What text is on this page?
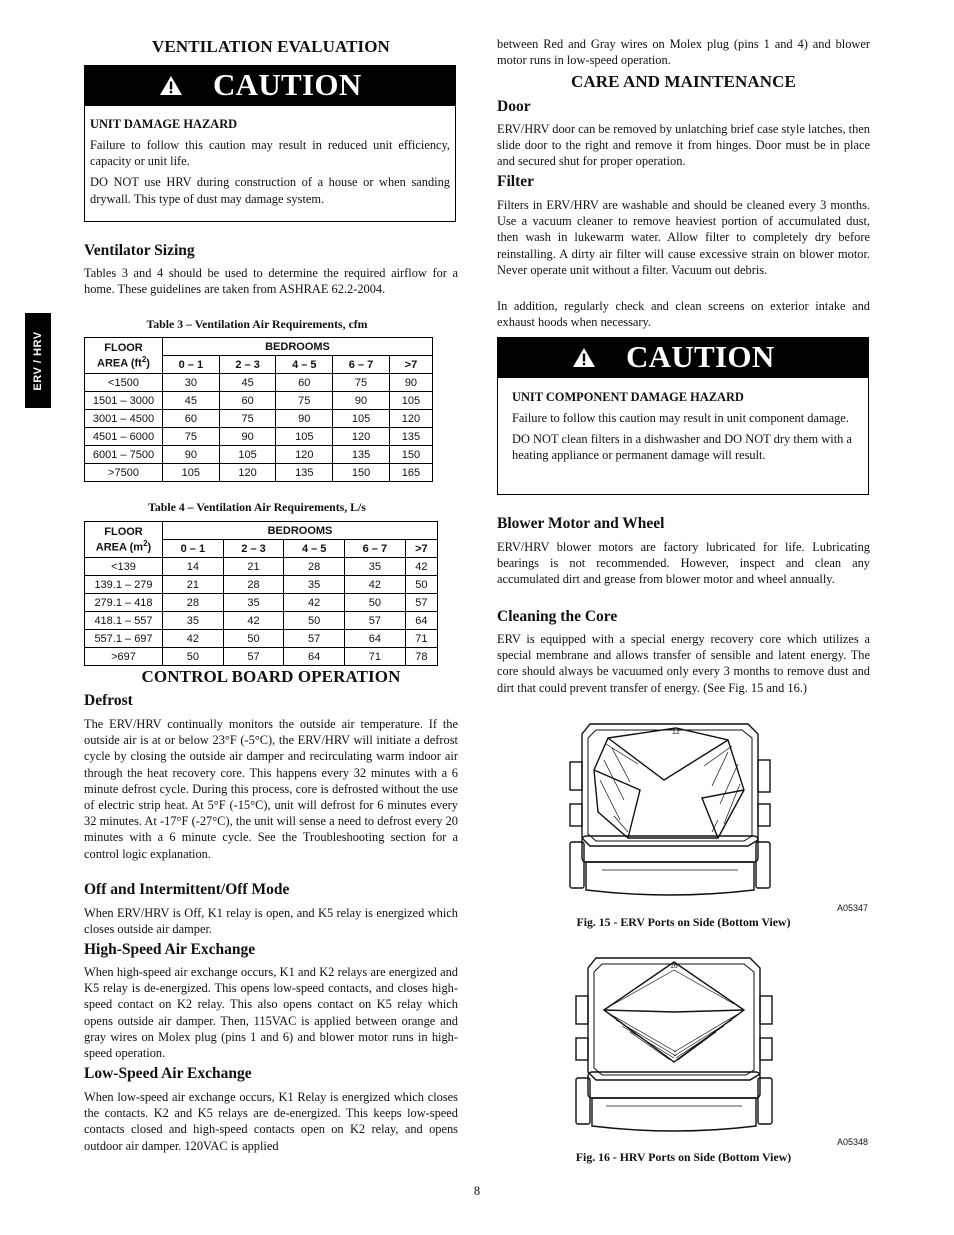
ERV / HRV
VENTILATION EVALUATION
CAUTION
UNIT DAMAGE HAZARD

Failure to follow this caution may result in reduced unit efficiency, capacity or unit life.

DO NOT use HRV during construction of a house or when sanding drywall. This type of dust may damage system.

Ventilator Sizing
Tables 3 and 4 should be used to determine the required airflow for a home. These guidelines are taken from ASHRAE 62.2-2004.
Table 3 – Ventilation Air Requirements, cfm
FLOOR
AREA $(ft^2)$	BEDROOMS				
	0 – 1	2 – 3	4 – 5	6 – 7	>7
<1500	30	45	60	75	90
1501 – 3000	45	60	75	90	105
3001 – 4500	60	75	90	105	120
4501 – 6000	75	90	105	120	135
6001 – 7500	90	105	120	135	150
>7500	105	120	135	150	165
Table 4 – Ventilation Air Requirements, L/s
FLOOR
AREA $(m^2)$	BEDROOMS				
	0 – 1	2 – 3	4 – 5	6 – 7	>7
<139	14	21	28	35	42
139.1 – 279	21	28	35	42	50
279.1 – 418	28	35	42	50	57
418.1 – 557	35	42	50	57	64
557.1 – 697	42	50	57	64	71
>697	50	57	64	71	78
CONTROL BOARD OPERATION
Defrost
The ERV/HRV continually monitors the outside air temperature. If the outside air is at or below 23°F (-5°C), the ERV/HRV will initiate a defrost cycle by closing the outside air damper and recirculating warm indoor air through the heat recovery core. This happens every 32 minutes with a 6 minute defrost cycle. During this process, core is defrosted without the use of electric strip heat. At 5°F (-15°C), unit will defrost for 6 minutes every 32 minutes. At -17°F (-27°C), the unit will sense a need to defrost every 20 minutes with a 6 minute cycle. See the Troubleshooting section for a control logic explanation.
Off and Intermittent/Off Mode
When ERV/HRV is Off, K1 relay is open, and K5 relay is energized which closes outside air damper.
High-Speed Air Exchange
When high-speed air exchange occurs, K1 and K2 relays are energized and K5 relay is de-energized. This opens low-speed contacts, and closes high-speed contact on K2 relay. This also opens contact on K5 relay which opens outside air damper. Then, 115VAC is applied between orange and gray wires on Molex plug (pins 1 and 6) and blower motor runs in high-speed operation.
Low-Speed Air Exchange
When low-speed air exchange occurs, K1 Relay is energized which closes the contacts. K2 and K5 relays are de-energized. This keeps low-speed contacts closed and high-speed contacts open on K2 relay, and opens outdoor air damper. 120VAC is applied
between Red and Gray wires on Molex plug (pins 1 and 4) and blower motor runs in low-speed operation.
CARE AND MAINTENANCE
Door
ERV/HRV door can be removed by unlatching brief case style latches, then slide door to the right and remove it from hinges. Door must be in place and secured shut for proper operation.
Filter
Filters in ERV/HRV are washable and should be cleaned every 3 months. Use a vacuum cleaner to remove heaviest portion of accumulated dust, then wash in lukewarm water. Allow filter to completely dry before reinstalling. A dirty air filter will cause excessive strain on blower motor. Never operate unit without a filter. Vacuum out debris.
In addition, regularly check and clean screens on exterior intake and exhaust hoods when necessary.
CAUTION
UNIT COMPONENT DAMAGE HAZARD

Failure to follow this caution may result in unit component damage.

DO NOT clean filters in a dishwasher and DO NOT dry them with a heating appliance or permanent damage will result.

Blower Motor and Wheel
ERV/HRV blower motors are factory lubricated for life. Lubricating bearings is not recommended. However, inspect and clean any accumulated dirt and grease from blower motor and wheel annually.
Cleaning the Core
ERV is equipped with a special energy recovery core which utilizes a special membrane and allows transfer of sensible and latent energy. The core should always be vacuumed only every 3 months to remove dust and dirt that could prevent transfer of energy. (See Fig. 15 and 16.)
12
A05347
Fig. 15 - ERV Ports on Side (Bottom View)
16
A05348
Fig. 16 - HRV Ports on Side (Bottom View)
8
